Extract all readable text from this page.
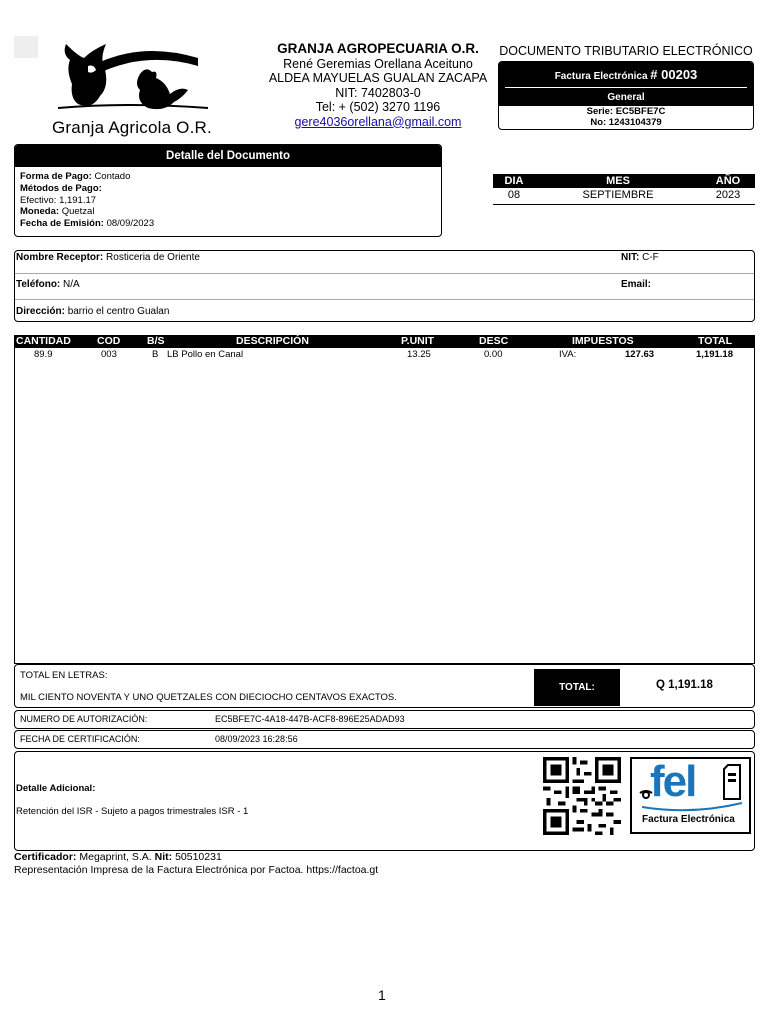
Granja Agricola O.R.
GRANJA AGROPECUARIA O.R.
René Geremias Orellana Aceituno
ALDEA MAYUELAS GUALAN ZACAPA
NIT: 7402803-0
Tel: + (502) 3270 1196
gere4036orellana@gmail.com
DOCUMENTO TRIBUTARIO ELECTRÓNICO
Factura Electrónica # 00203
General
Serie: EC5BFE7C
No: 1243104379
Detalle del Documento
Forma de Pago: Contado
Métodos de Pago:
Efectivo: 1,191.17
Moneda: Quetzal
Fecha de Emisión: 08/09/2023
DIA	MES	AÑO
08	SEPTIEMBRE	2023
Nombre Receptor: Rosticeria de Oriente	NIT: C-F
Teléfono: N/A	Email:
Dirección: barrio el centro Gualan
CANTIDAD COD	B/S	DESCRIPCIÓN	P.UNIT	DESC	IMPUESTOS	TOTAL
89.9	003	B LB Pollo en Canal	13.25	0.00	IVA:	127.63	1,191.18
TOTAL EN LETRAS:
MIL CIENTO NOVENTA Y UNO QUETZALES CON DIECIOCHO CENTAVOS EXACTOS.
TOTAL:	Q 1,191.18
NUMERO DE AUTORIZACIÓN:	EC5BFE7C-4A18-447B-ACF8-896E25ADAD93
FECHA DE CERTIFICACIÓN:	08/09/2023 16:28:56
Detalle Adicional:
Retención del ISR - Sujeto a pagos trimestrales ISR - 1
fel
Factura Electrónica
Certificador: Megaprint, S.A. Nit: 50510231
Representación Impresa de la Factura Electrónica por Factoa. https://factoa.gt
1
